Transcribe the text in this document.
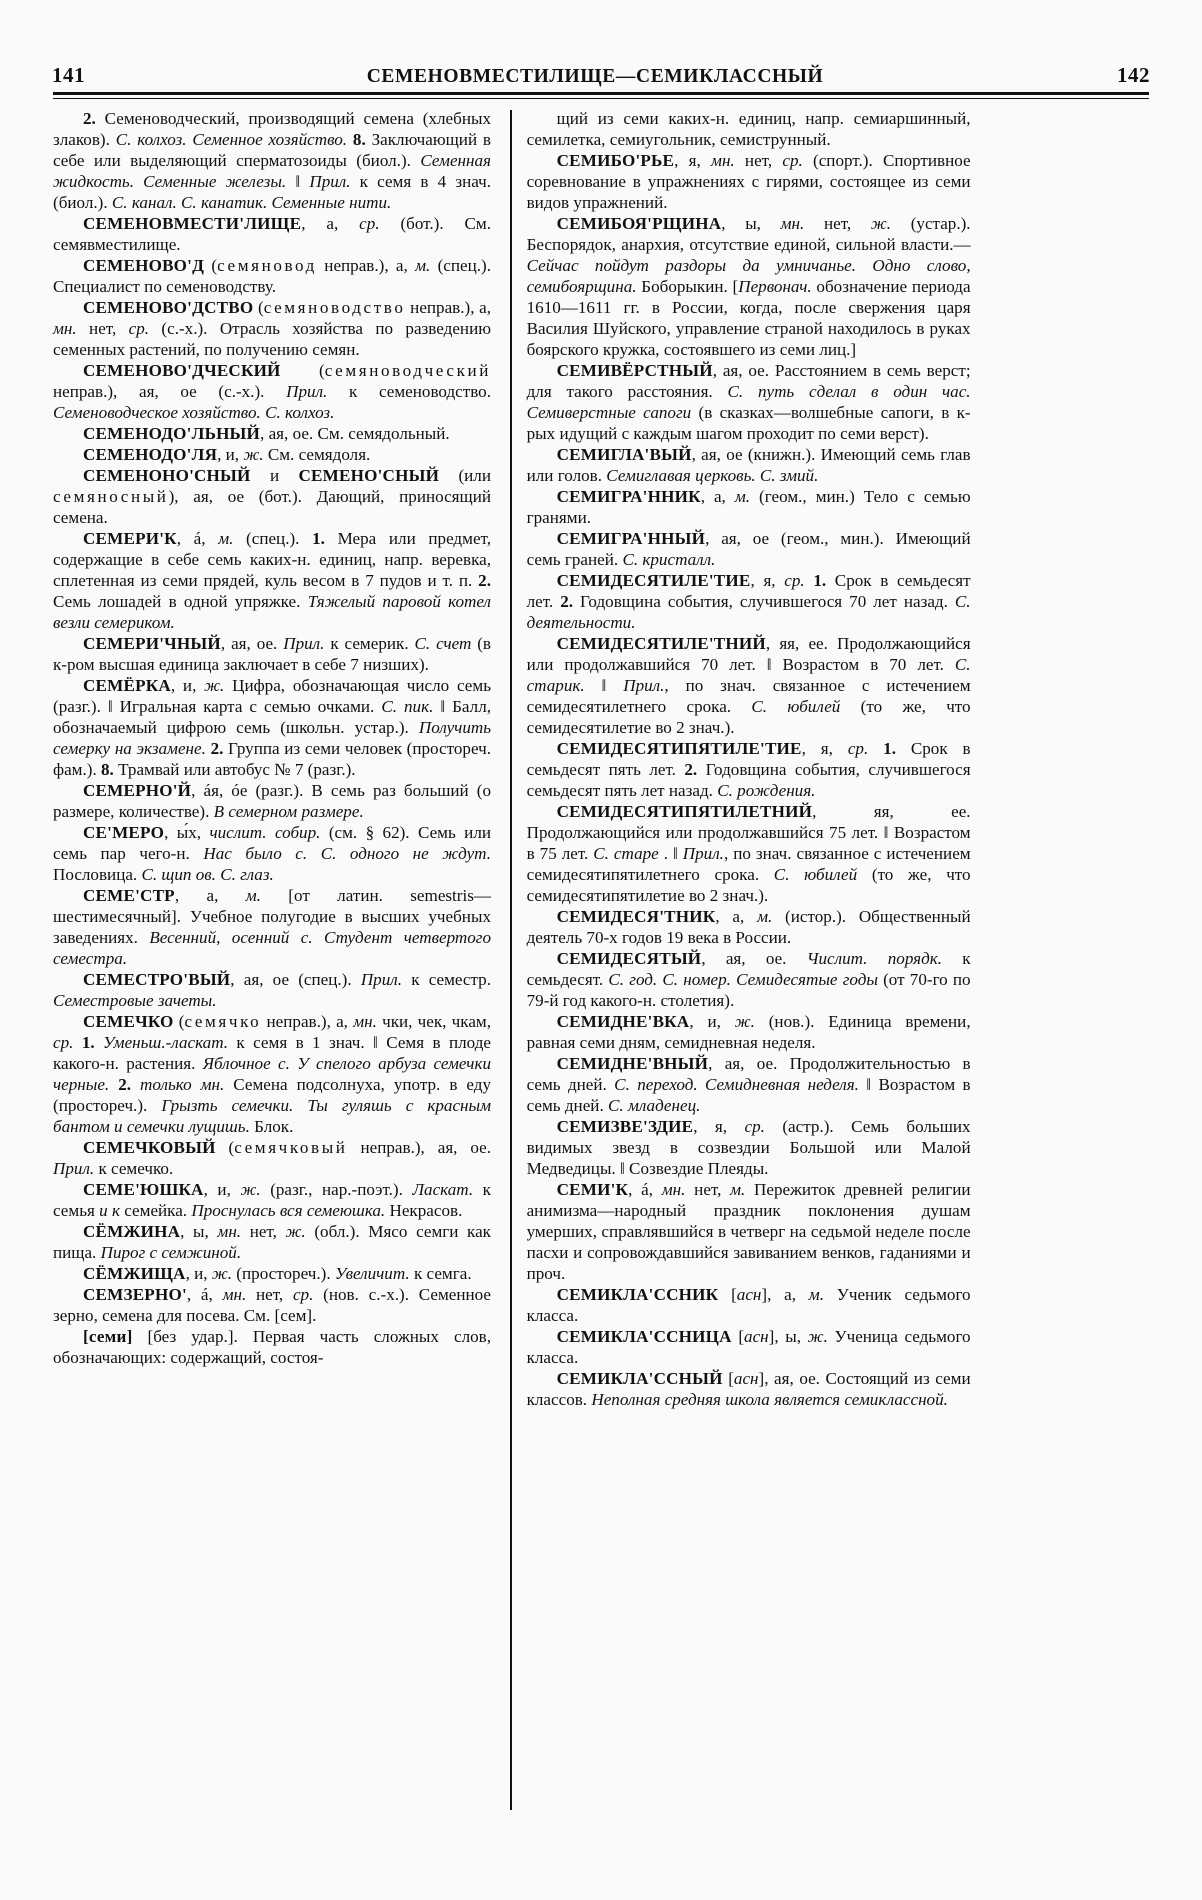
141	СЕМЕНОВМЕСТИЛИЩЕ—СЕМИКЛАССНЫЙ	142

2. Семеноводческий, производящий семена (хлебных злаков). С. колхоз. Семенное хозяйство. 8. Заключающий в себе или выделяющий сперматозоиды (биол.). Семенная жидкость. Семенные железы. ‖ Прил. к семя в 4 знач. (биол.). С. канал. С. канатик. Семенные нити.

СЕМЕНОВМЕСТИ'ЛИЩЕ, а, ср. (бот.). См. семявместилище.

СЕМЕНОВО'Д (семяновод неправ.), а, м. (спец.). Специалист по семеноводству.

СЕМЕНОВО'ДСТВО (семяноводство неправ.), а, мн. нет, ср. (с.-х.). Отрасль хозяйства по разведению семенных растений, по получению семян.

СЕМЕНОВО'ДЧЕСКИЙ (семяноводческий неправ.), ая, ое (с.-х.). Прил. к семеноводство. Семеноводческое хозяйство. С. колхоз.

СЕМЕНОДО'ЛЬНЫЙ, ая, ое. См. семядольный.

СЕМЕНОДО'ЛЯ, и, ж. См. семядоля.

СЕМЕНОНО'СНЫЙ и СЕМЕНО'СНЫЙ (или семяносный), ая, ое (бот.). Дающий, приносящий семена.

СЕМЕРИ'К, á, м. (спец.). 1. Мера или предмет, содержащие в себе семь каких-н. единиц, напр. веревка, сплетенная из семи прядей, куль весом в 7 пудов и т. п. 2. Семь лошадей в одной упряжке. Тяжелый паровой котел везли семериком.

СЕМЕРИ'ЧНЫЙ, ая, ое. Прил. к семерик. С. счет (в к-ром высшая единица заключает в себе 7 низших).

СЕМЁРКА, и, ж. Цифра, обозначающая число семь (разг.). ‖ Игральная карта с семью очками. С. пик. ‖ Балл, обозначаемый цифрою семь (школьн. устар.). Получить семерку на экзамене. 2. Группа из семи человек (простореч. фам.). 8. Трамвай или автобус № 7 (разг.).

СЕМЕРНО'Й, áя, óе (разг.). В семь раз больший (о размере, количестве). В семерном размере.

СЕ'МЕРО, ы́х, числит. собир. (см. § 62). Семь или семь пар чего-н. Нас было с. С. одного не ждут. Пословица. С. щип ов. С. глаз.

СЕМЕ'СТР, а, м. [от латин. semestris—шестимесячный]. Учебное полугодие в высших учебных заведениях. Весенний, осенний с. Студент четвертого семестра.

СЕМЕСТРО'ВЫЙ, ая, ое (спец.). Прил. к семестр. Семестровые зачеты.

СЕМЕЧКО (семячко неправ.), а, мн. чки, чек, чкам, ср. 1. Уменьш.-ласкат. к семя в 1 знач. ‖ Семя в плоде какого-н. растения. Яблочное с. У спелого арбуза семечки черные. 2. только мн. Семена подсолнуха, употр. в еду (простореч.). Грызть семечки. Ты гуляшь с красным бантом и семечки лущишь. Блок.

СЕМЕЧКОВЫЙ (семячковый неправ.), ая, ое. Прил. к семечко.

СЕМЕ'ЮШКА, и, ж. (разг., нар.-поэт.). Ласкат. к семья и к семейка. Проснулась вся семеюшка. Некрасов.

СЁМЖИНА, ы, мн. нет, ж. (обл.). Мясо семги как пища. Пирог с семжиной.

СЁМЖИЩА, и, ж. (простореч.). Увеличит. к семга.

СЕМЗЕРНО', á, мн. нет, ср. (нов. с.-х.). Семенное зерно, семена для посева. См. [сем].

[семи] [без удар.]. Первая часть сложных слов, обозначающих: содержащий, состоя-

щий из семи каких-н. единиц, напр. семиаршинный, семилетка, семиугольник, семиструнный.

СЕМИБО'РЬЕ, я, мн. нет, ср. (спорт.). Спортивное соревнование в упражнениях с гирями, состоящее из семи видов упражнений.

СЕМИБОЯ'РЩИНА, ы, мн. нет, ж. (устар.). Беспорядок, анархия, отсутствие единой, сильной власти.—Сейчас пойдут раздоры да умничанье. Одно слово, семибоярщина. Боборыкин. [Первонач. обозначение периода 1610—1611 гг. в России, когда, после свержения царя Василия Шуйского, управление страной находилось в руках боярского кружка, состоявшего из семи лиц.]

СЕМИВЁРСТНЫЙ, ая, ое. Расстоянием в семь верст; для такого расстояния. С. путь сделал в один час. Семиверстные сапоги (в сказках—волшебные сапоги, в к-рых идущий с каждым шагом проходит по семи верст).

СЕМИГЛА'ВЫЙ, ая, ое (книжн.). Имеющий семь глав или голов. Семиглавая церковь. С. змий.

СЕМИГРА'ННИК, а, м. (геом., мин.) Тело с семью гранями.

СЕМИГРА'ННЫЙ, ая, ое (геом., мин.). Имеющий семь граней. С. кристалл.

СЕМИДЕСЯТИЛЕ'ТИЕ, я, ср. 1. Срок в семьдесят лет. 2. Годовщина события, случившегося 70 лет назад. С. деятельности.

СЕМИДЕСЯТИЛЕ'ТНИЙ, яя, ее. Продолжающийся или продолжавшийся 70 лет. ‖ Возрастом в 70 лет. С. старик. ‖ Прил., по знач. связанное с истечением семидесятилетнего срока. С. юбилей (то же, что семидесятилетие во 2 знач.).

СЕМИДЕСЯТИПЯТИЛЕ'ТИЕ, я, ср. 1. Срок в семьдесят пять лет. 2. Годовщина события, случившегося семьдесят пять лет назад. С. рождения.

СЕМИДЕСЯТИПЯТИЛЕТНИЙ, яя, ее. Продолжающийся или продолжавшийся 75 лет. ‖ Возрастом в 75 лет. С. старе . ‖ Прил., по знач. связанное с истечением семидесятипятилетнего срока. С. юбилей (то же, что семидесятипятилетие во 2 знач.).

СЕМИДЕСЯ'ТНИК, а, м. (истор.). Общественный деятель 70-х годов 19 века в России.

СЕМИДЕСЯТЫЙ, ая, ое. Числит. порядк. к семьдесят. С. год. С. номер. Семидесятые годы (от 70-го по 79-й год какого-н. столетия).

СЕМИДНЕ'ВКА, и, ж. (нов.). Единица времени, равная семи дням, семидневная неделя.

СЕМИДНЕ'ВНЫЙ, ая, ое. Продолжительностью в семь дней. С. переход. Семидневная неделя. ‖ Возрастом в семь дней. С. младенец.

СЕМИЗВЕ'ЗДИЕ, я, ср. (астр.). Семь больших видимых звезд в созвездии Большой или Малой Медведицы. ‖ Созвездие Плеяды.

СЕМИ'К, á, мн. нет, м. Пережиток древней религии анимизма—народный праздник поклонения душам умерших, справлявшийся в четверг на седьмой неделе после пасхи и сопровождавшийся завиванием венков, гаданиями и проч.

СЕМИКЛА'ССНИК [асн], а, м. Ученик седьмого класса.

СЕМИКЛА'ССНИЦА [асн], ы, ж. Ученица седьмого класса.

СЕМИКЛА'ССНЫЙ [асн], ая, ое. Состоящий из семи классов. Неполная средняя школа является семиклассной.
